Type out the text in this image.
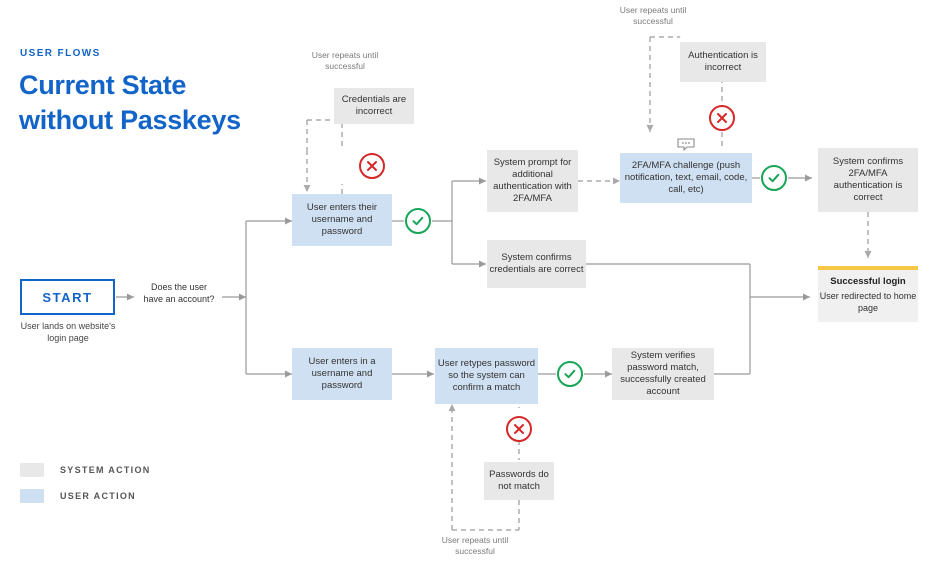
USER FLOWS
Current State without Passkeys
START
User lands on website's login page
Does the user have an account?
Credentials are incorrect
User repeats until successful
User enters their username and password
System prompt for additional authentication with 2FA/MFA
2FA/MFA challenge (push notification, text, email, code, call, etc)
Authentication is incorrect
User repeats until successful
System confirms 2FA/MFA authentication is correct
System confirms credentials are correct
User enters in a username and password
User retypes password so the system can confirm a match
System verifies password match, successfully created account
Passwords do not match
User repeats until successful
Successful login
User redirected to home page
SYSTEM ACTION
USER ACTION
